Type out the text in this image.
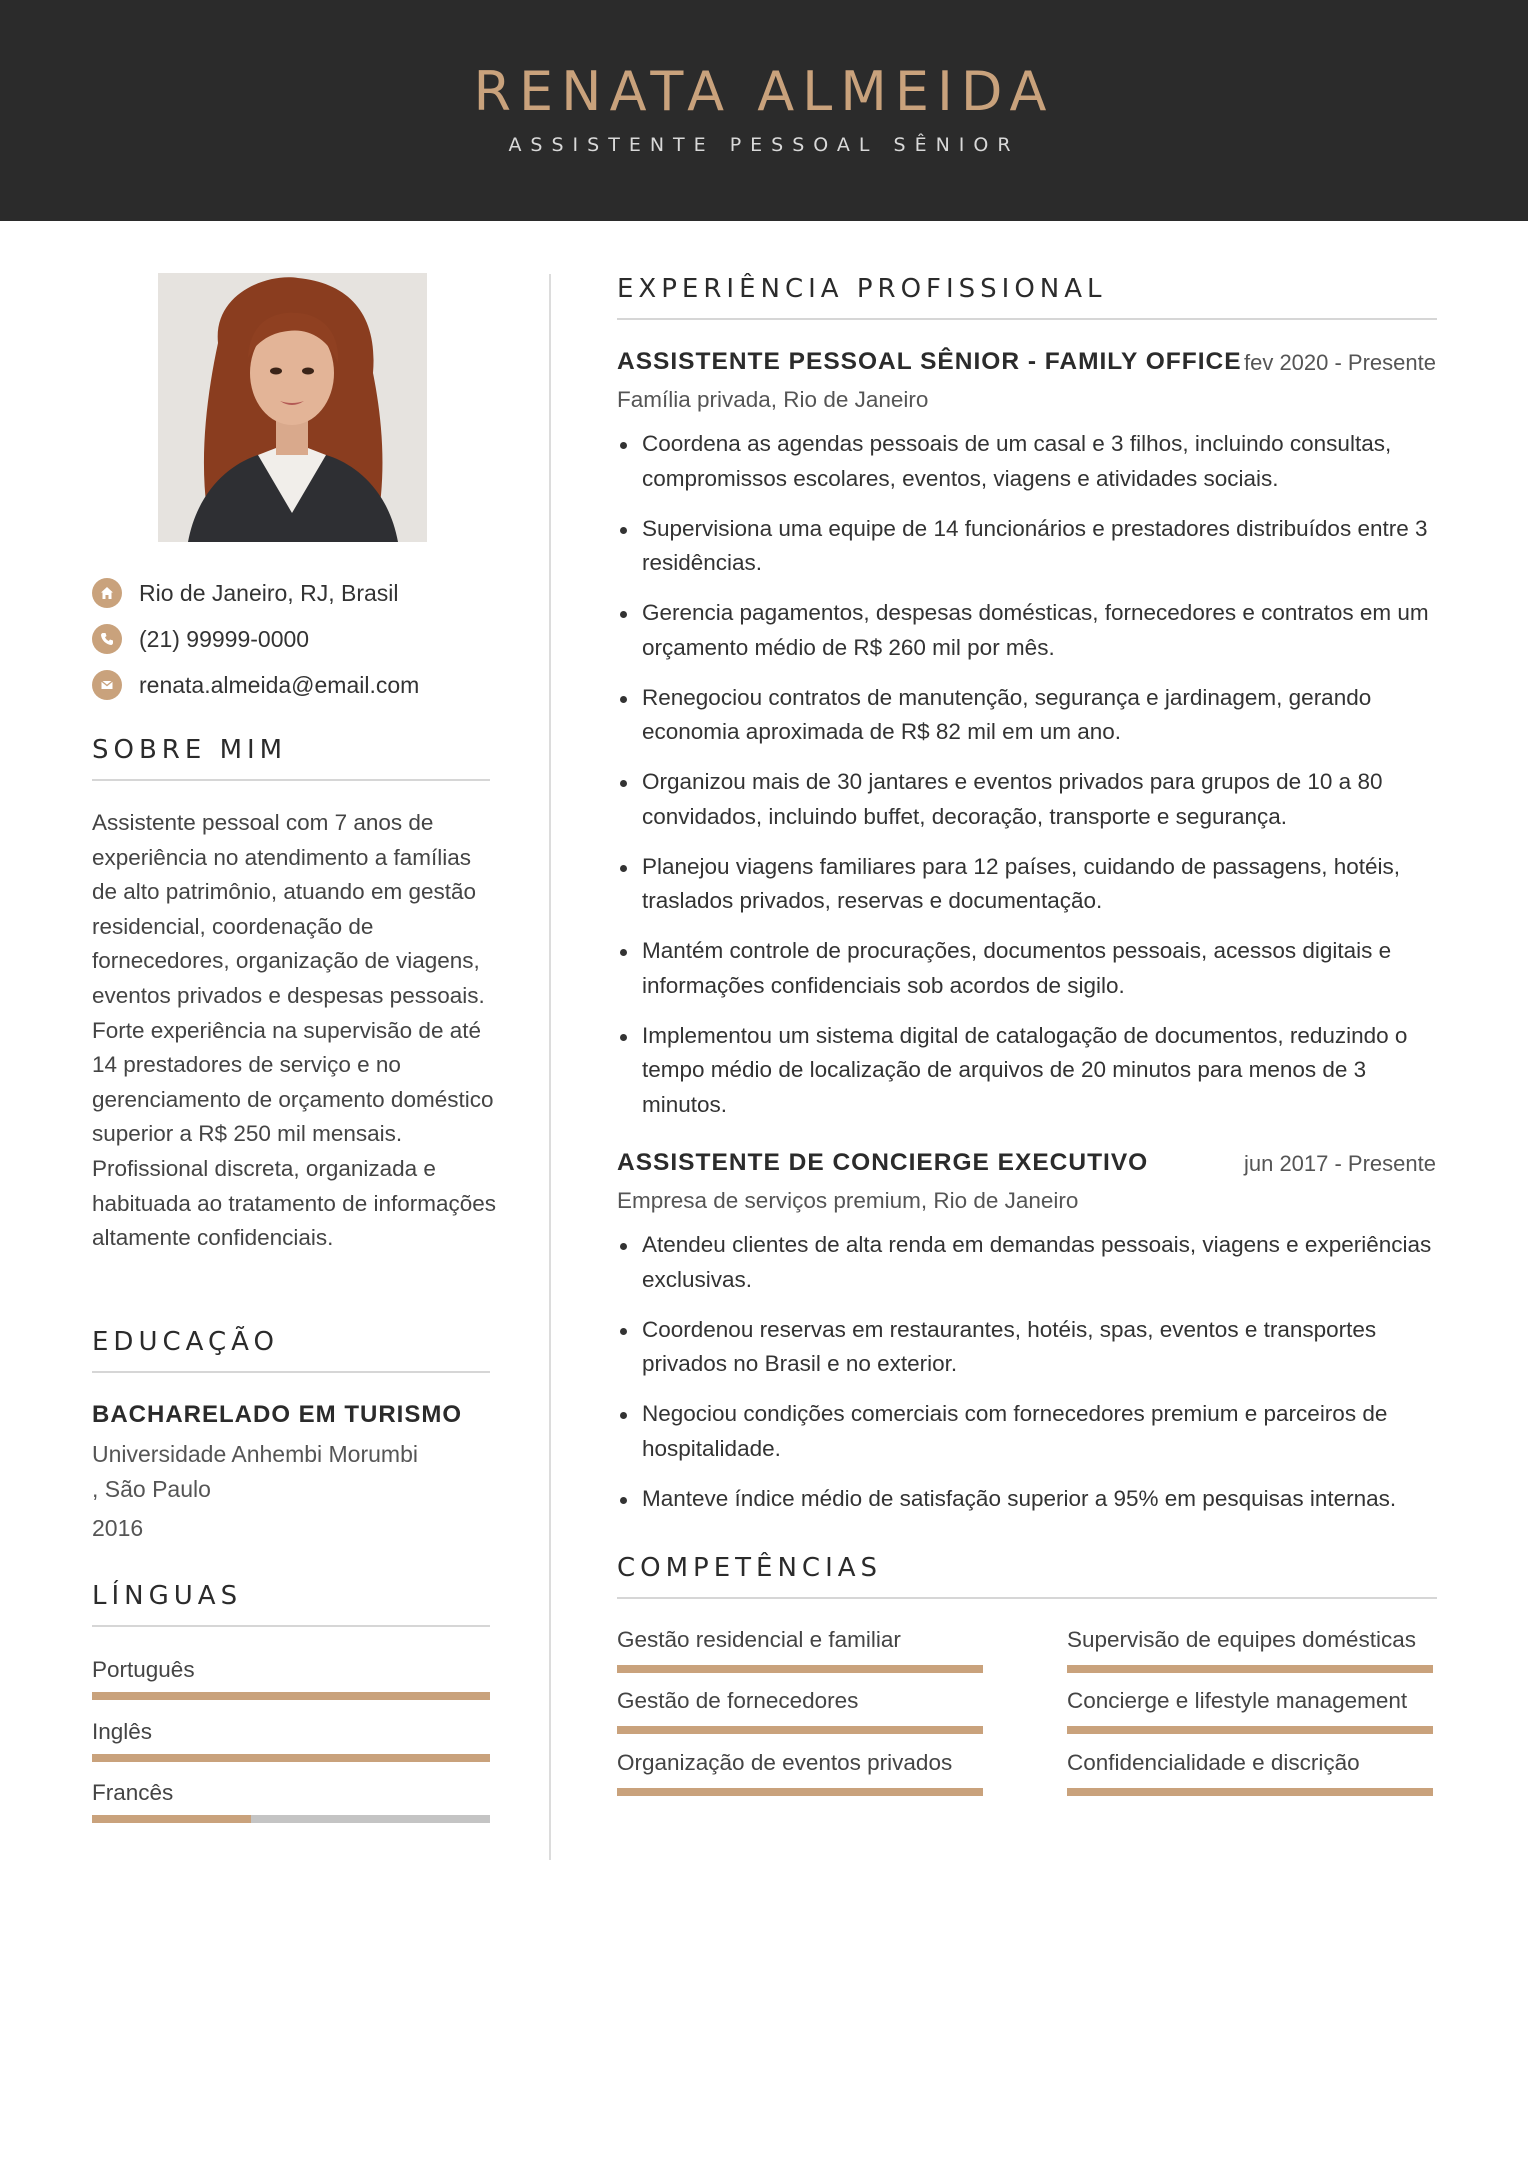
RENATA ALMEIDA
ASSISTENTE PESSOAL SÊNIOR
Rio de Janeiro, RJ, Brasil
(21) 99999-0000
renata.almeida@email.com
SOBRE MIM
Assistente pessoal com 7 anos de experiência no atendimento a famílias de alto patrimônio, atuando em gestão residencial, coordenação de fornecedores, organização de viagens, eventos privados e despesas pessoais. Forte experiência na supervisão de até 14 prestadores de serviço e no gerenciamento de orçamento doméstico superior a R$ 250 mil mensais. Profissional discreta, organizada e habituada ao tratamento de informações altamente confidenciais.
EDUCAÇÃO
BACHARELADO EM TURISMO
Universidade Anhembi Morumbi
, São Paulo
2016
LÍNGUAS
Português
Inglês
Francês
EXPERIÊNCIA PROFISSIONAL
ASSISTENTE PESSOAL SÊNIOR - FAMILY OFFICE fev 2020 - Presente
Família privada, Rio de Janeiro
Coordena as agendas pessoais de um casal e 3 filhos, incluindo consultas, compromissos escolares, eventos, viagens e atividades sociais.
Supervisiona uma equipe de 14 funcionários e prestadores distribuídos entre 3 residências.
Gerencia pagamentos, despesas domésticas, fornecedores e contratos em um orçamento médio de R$ 260 mil por mês.
Renegociou contratos de manutenção, segurança e jardinagem, gerando economia aproximada de R$ 82 mil em um ano.
Organizou mais de 30 jantares e eventos privados para grupos de 10 a 80 convidados, incluindo buffet, decoração, transporte e segurança.
Planejou viagens familiares para 12 países, cuidando de passagens, hotéis, traslados privados, reservas e documentação.
Mantém controle de procurações, documentos pessoais, acessos digitais e informações confidenciais sob acordos de sigilo.
Implementou um sistema digital de catalogação de documentos, reduzindo o tempo médio de localização de arquivos de 20 minutos para menos de 3 minutos.
ASSISTENTE DE CONCIERGE EXECUTIVO	jun 2017 - Presente
Empresa de serviços premium, Rio de Janeiro
Atendeu clientes de alta renda em demandas pessoais, viagens e experiências exclusivas.
Coordenou reservas em restaurantes, hotéis, spas, eventos e transportes privados no Brasil e no exterior.
Negociou condições comerciais com fornecedores premium e parceiros de hospitalidade.
Manteve índice médio de satisfação superior a 95% em pesquisas internas.
COMPETÊNCIAS
Gestão residencial e familiar	Supervisão de equipes domésticas
Gestão de fornecedores	Concierge e lifestyle management
Organização de eventos privados	Confidencialidade e discrição
